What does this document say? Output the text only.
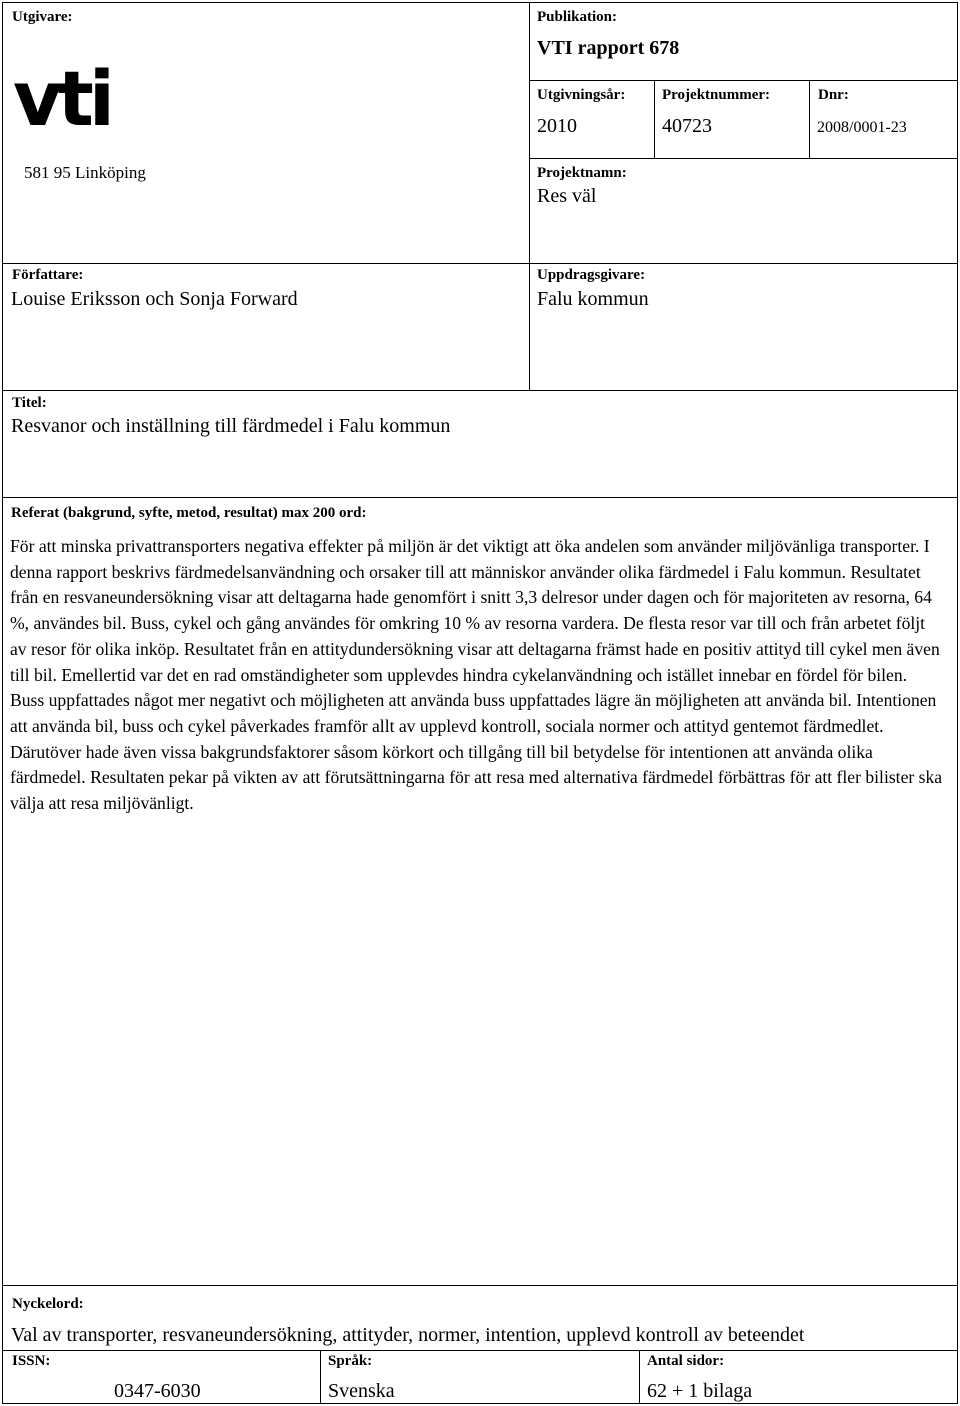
Utgivare:
vti
581 95 Linköping
Publikation:
VTI rapport 678
Utgivningsår:
2010
Projektnummer:
40723
Dnr:
2008/0001-23
Projektnamn:
Res väl
Författare:
Louise Eriksson och Sonja Forward
Uppdragsgivare:
Falu kommun
Titel:
Resvanor och inställning till färdmedel i Falu kommun
Referat (bakgrund, syfte, metod, resultat) max 200 ord:

För att minska privattransporters negativa effekter på miljön är det viktigt att öka andelen som använder miljövänliga transporter. I denna rapport beskrivs färdmedelsanvändning och orsaker till att människor använder olika färdmedel i Falu kommun. Resultatet från en resvaneundersökning visar att deltagarna hade genomfört i snitt 3,3 delresor under dagen och för majoriteten av resorna, 64 %, användes bil. Buss, cykel och gång användes för omkring 10 % av resorna vardera. De flesta resor var till och från arbetet följt av resor för olika inköp. Resultatet från en attitydundersökning visar att deltagarna främst hade en positiv attityd till cykel men även till bil. Emellertid var det en rad omständigheter som upplevdes hindra cykelanvändning och istället innebar en fördel för bilen. Buss uppfattades något mer negativt och möjligheten att använda buss uppfattades lägre än möjligheten att använda bil. Intentionen att använda bil, buss och cykel påverkades framför allt av upplevd kontroll, sociala normer och attityd gentemot färdmedlet. Därutöver hade även vissa bakgrundsfaktorer såsom körkort och tillgång till bil betydelse för intentionen att använda olika färdmedel. Resultaten pekar på vikten av att förutsättningarna för att resa med alternativa färdmedel förbättras för att fler bilister ska välja att resa miljövänligt.

Nyckelord:
Val av transporter, resvaneundersökning, attityder, normer, intention, upplevd kontroll av beteendet
ISSN:
0347-6030
Språk:
Svenska
Antal sidor:
62 + 1 bilaga
